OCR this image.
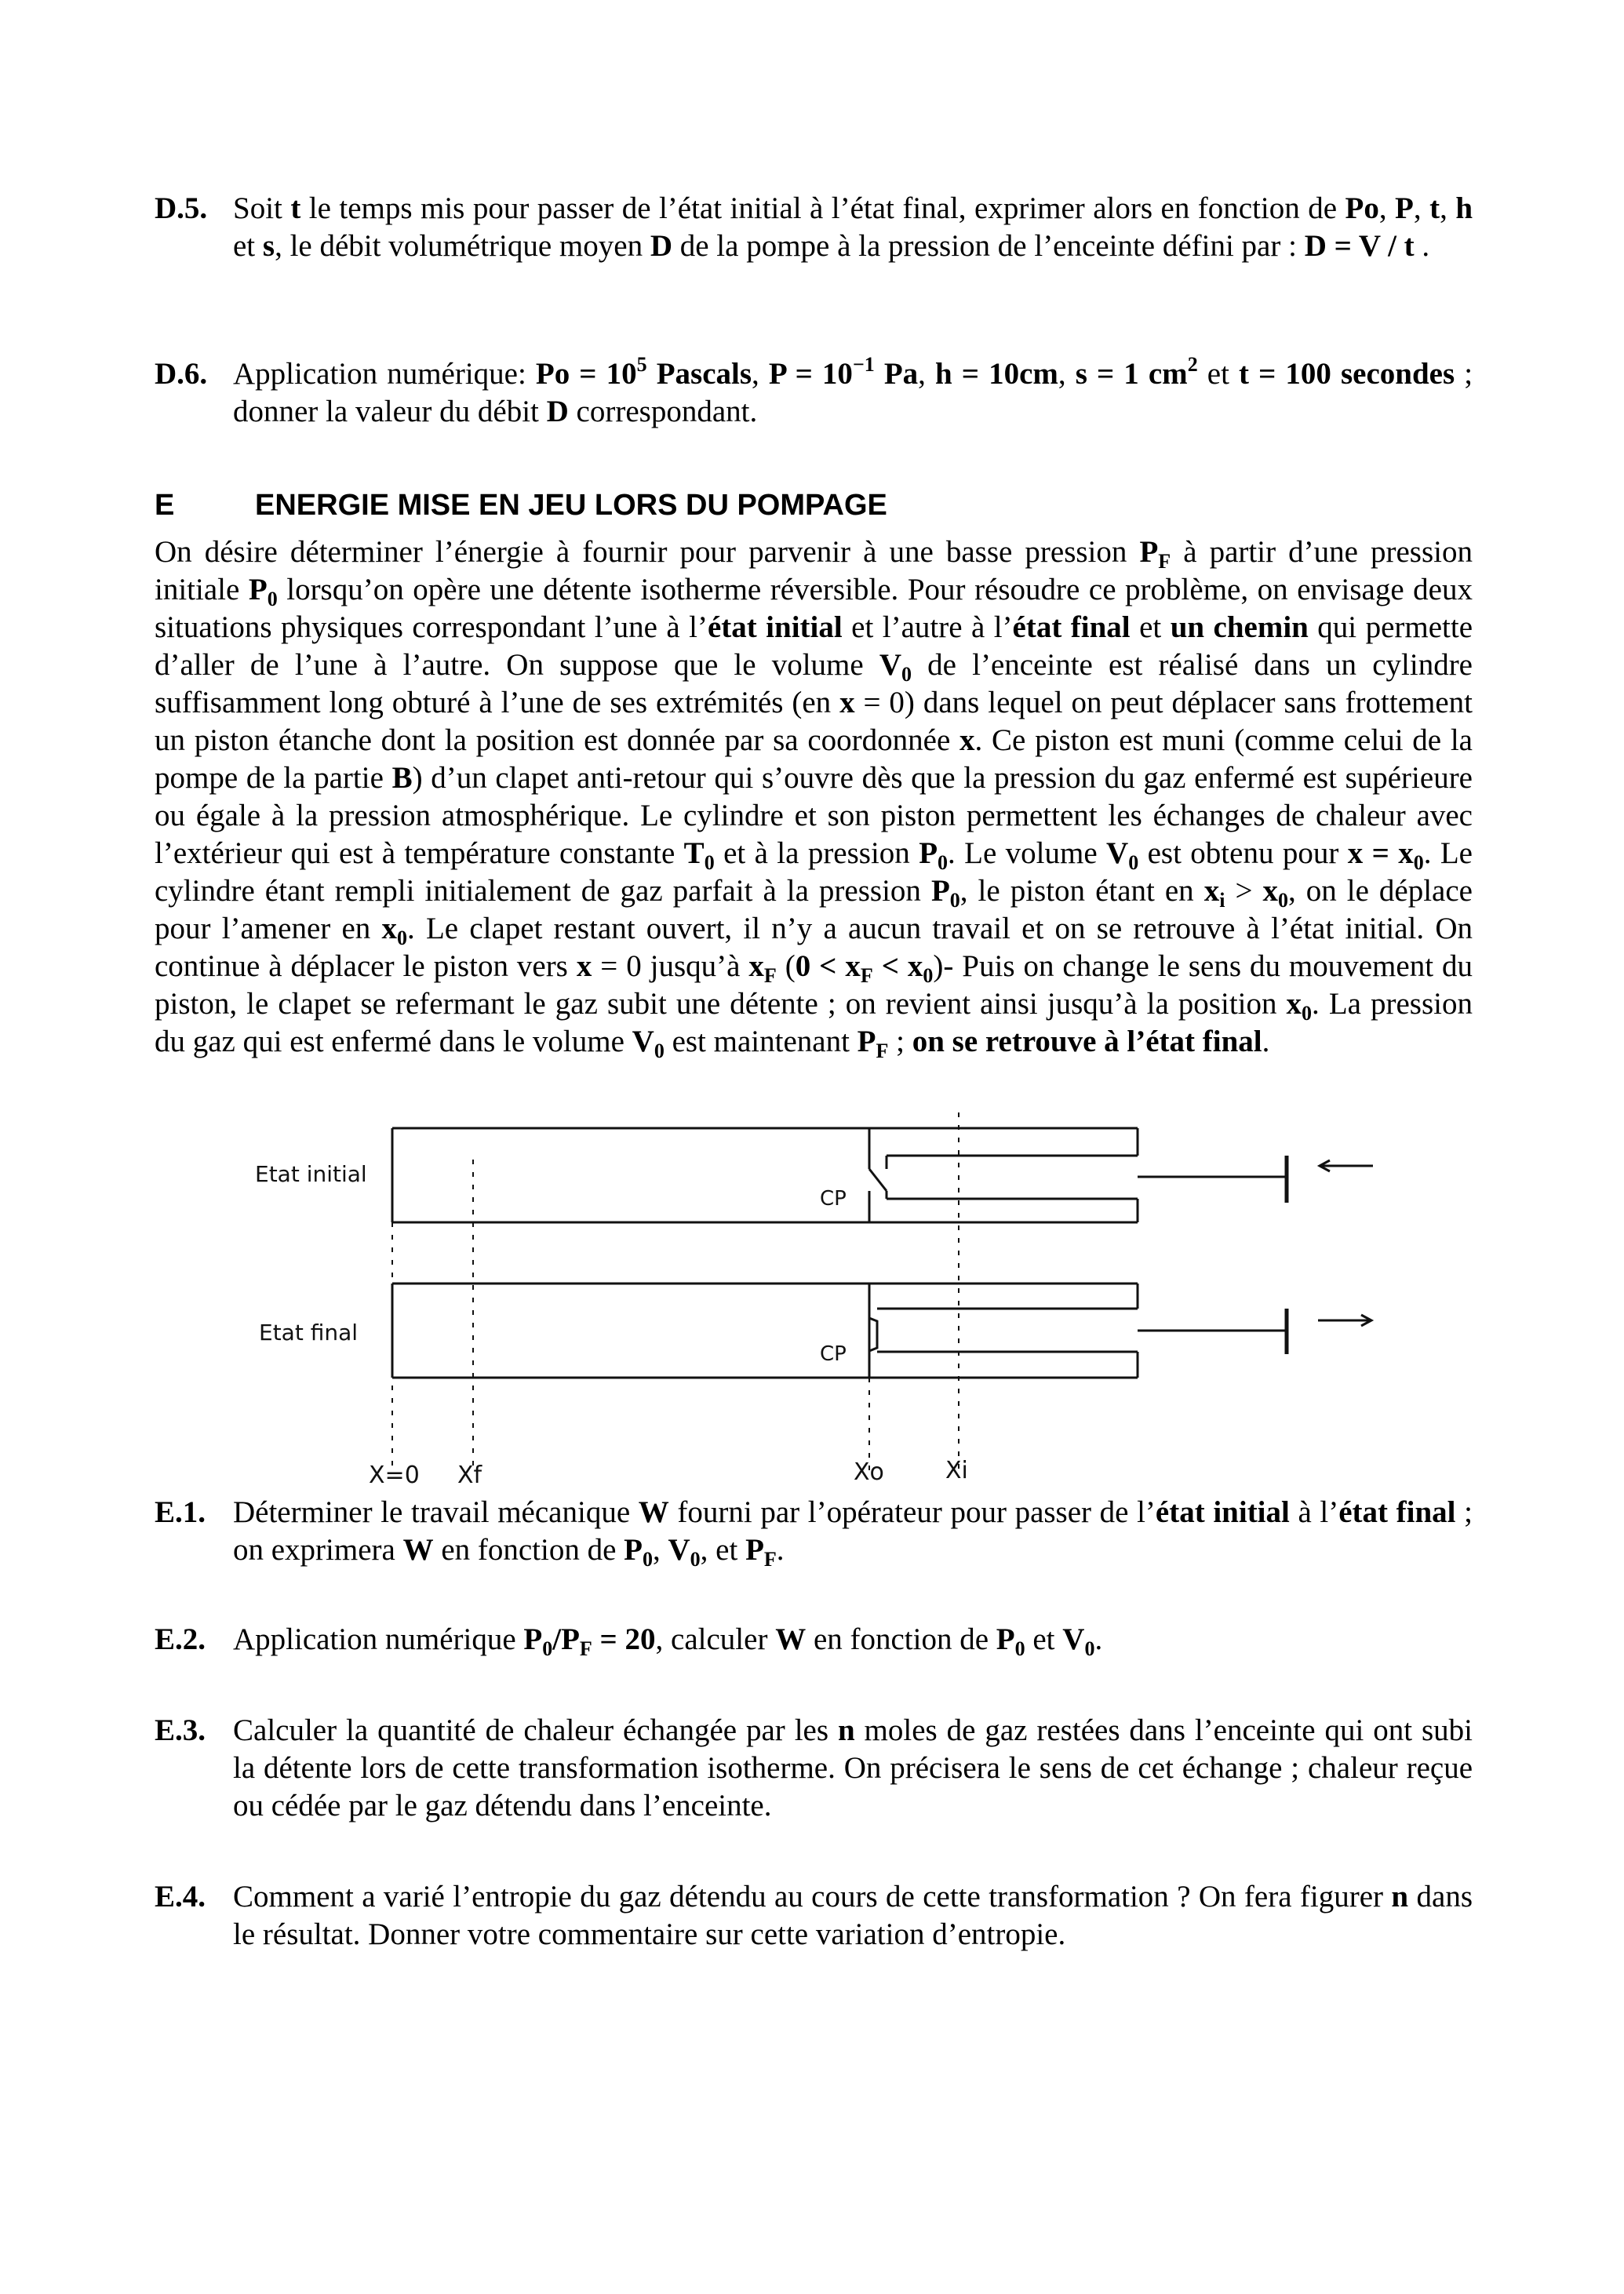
D.5. Soit t le temps mis pour passer de l’état initial à l’état final, exprimer alors en fonction de Po, P, t, h et s, le débit volumétrique moyen D de la pompe à la pression de l’enceinte défini par : D = V / t .
D.6. Application numérique: $Po = 10^5$ Pascals, $P = 10^{-1}$ Pa, h = 10cm, s = 1 $cm^2$ et t = 100 secondes ; donner la valeur du débit D correspondant.
E	ENERGIE MISE EN JEU LORS DU POMPAGE

On désire déterminer l’énergie à fournir pour parvenir à une basse pression $P_F$ à partir d’une pression initiale $P_0$ lorsqu’on opère une détente isotherme réversible. Pour résoudre ce problème, on envisage deux situations physiques correspondant l’une à l’état initial et l’autre à l’état final et un chemin qui permette d’aller de l’une à l’autre. On suppose que le volume $V_0$ de l’enceinte est réalisé dans un cylindre suffisamment long obturé à l’une de ses extrémités (en x = 0) dans lequel on peut déplacer sans frottement un piston étanche dont la position est donnée par sa coordonnée x. Ce piston est muni (comme celui de la pompe de la partie B) d’un clapet anti-retour qui s’ouvre dès que la pression du gaz enfermé est supérieure ou égale à la pression atmosphérique. Le cylindre et son piston permettent les échanges de chaleur avec l’extérieur qui est à température constante $T_0$ et à la pression $P_0$. Le volume $V_0$ est obtenu pour $x = x_0$. Le cylindre étant rempli initialement de gaz parfait à la pression $P_0$, le piston étant en $x_i > x_0$, on le déplace pour l’amener en $x_0$. Le clapet restant ouvert, il n’y a aucun travail et on se retrouve à l’état initial. On continue à déplacer le piston vers x = 0 jusqu’à $x_F$ $(0 < x_F < x_0)-$ Puis on change le sens du mouvement du piston, le clapet se refermant le gaz subit une détente ; on revient ainsi jusqu’à la position $x_0$. La pression du gaz qui est enfermé dans le volume $V_0$ est maintenant $P_F$ ; on se retrouve à l’état final.

Etat initial
Etat final
CP
CP
X=0 Xf	Xo	Xi
E.1. Déterminer le travail mécanique W fourni par l’opérateur pour passer de l’état initial à l’état final ; on exprimera W en fonction de $P_0$, $V_0$, et $P_F$.
E.2. Application numérique $P_0/P_F = 20$, calculer W en fonction de $P_0$ et $V_0$.
E.3. Calculer la quantité de chaleur échangée par les n moles de gaz restées dans l’enceinte qui ont subi la détente lors de cette transformation isotherme. On précisera le sens de cet échange ; chaleur reçue ou cédée par le gaz détendu dans l’enceinte.
E.4. Comment a varié l’entropie du gaz détendu au cours de cette transformation ? On fera figurer n dans le résultat. Donner votre commentaire sur cette variation d’entropie.
